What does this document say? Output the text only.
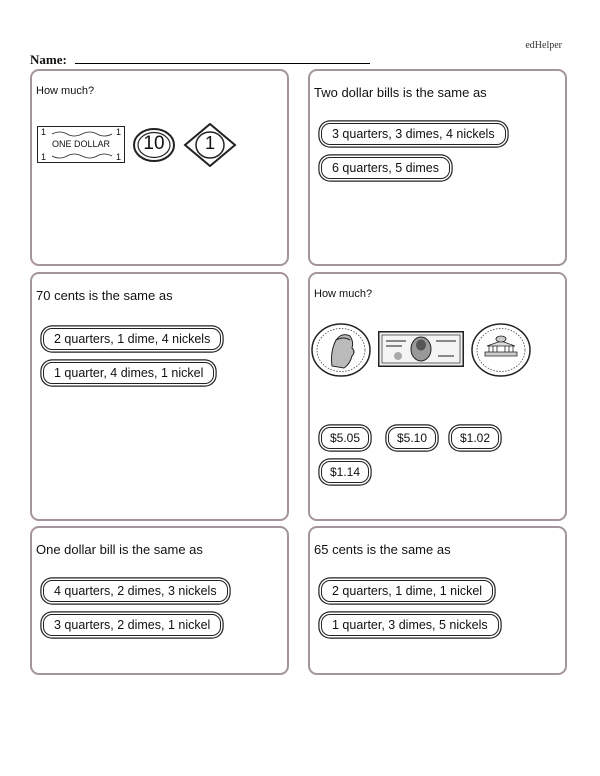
edHelper
Name:
How much?
1	1
1	1
ONE DOLLAR	10	1
Two dollar bills is the same as
3 quarters, 3 dimes, 4 nickels
6 quarters, 5 dimes
70 cents is the same as
2 quarters, 1 dime, 4 nickels
1 quarter, 4 dimes, 1 nickel
How much?
$5.05	$5.10	$1.02
$1.14
One dollar bill is the same as
4 quarters, 2 dimes, 3 nickels
3 quarters, 2 dimes, 1 nickel
65 cents is the same as
2 quarters, 1 dime, 1 nickel
1 quarter, 3 dimes, 5 nickels
